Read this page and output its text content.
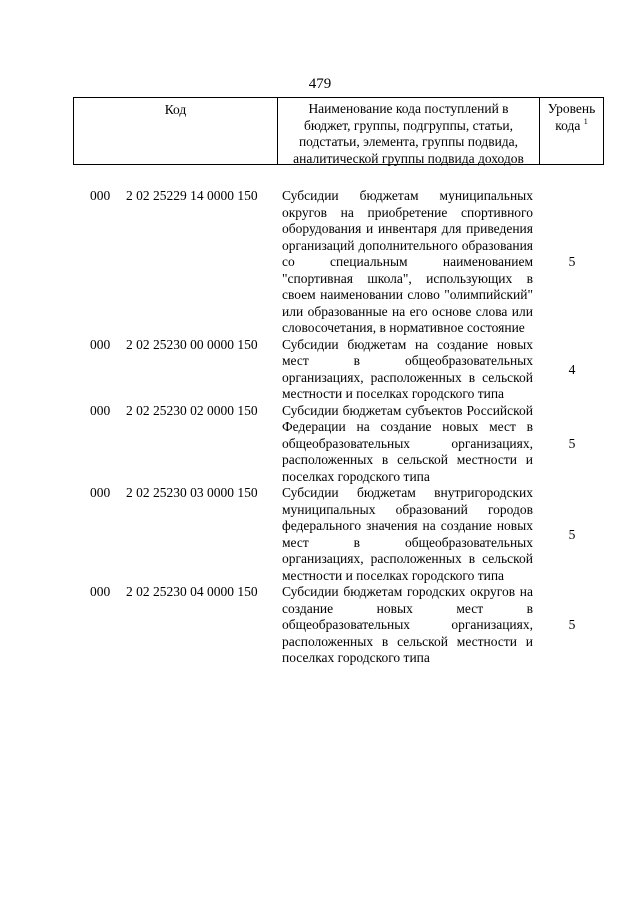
479
Код	Наименование кода поступлений в
бюджет, группы, подгруппы, статьи,
подстатьи, элемента, группы подвида,
аналитической группы подвида доходов
Уровень
кода $^1$
000 2 02 25229 14 0000 150 Субсидии бюджетам муниципальных округов на приобретение спортивного оборудования и инвентаря для приведения организаций дополнительного образования со специальным наименованием "спортивная школа", использующих в своем наименовании слово "олимпийский" или образованные на его основе слова или словосочетания, в нормативное состояние
5
000 2 02 25230 00 0000 150 Субсидии бюджетам на создание новых мест в общеобразовательных организациях, расположенных в сельской местности и поселках городского типа
4
000 2 02 25230 02 0000 150 Субсидии бюджетам субъектов Российской Федерации на создание новых мест в общеобразовательных организациях, расположенных в сельской местности и поселках городского типа
5
000 2 02 25230 03 0000 150 Субсидии бюджетам внутригородских муниципальных образований городов федерального значения на создание новых мест в общеобразовательных организациях, расположенных в сельской местности и поселках городского типа
5
000 2 02 25230 04 0000 150 Субсидии бюджетам городских округов на создание новых мест в общеобразовательных организациях, расположенных в сельской местности и поселках городского типа
5
